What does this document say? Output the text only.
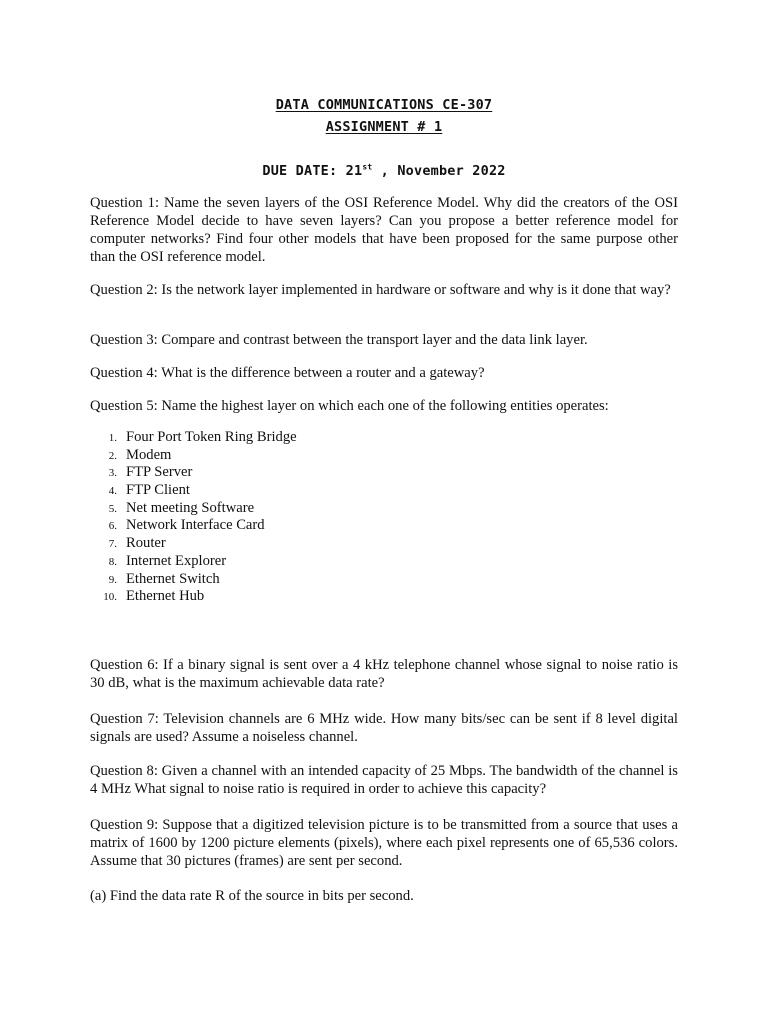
DATA COMMUNICATIONS CE-307
ASSIGNMENT # 1
DUE DATE: 21st , November 2022

Question 1: Name the seven layers of the OSI Reference Model. Why did the creators of the OSI Reference Model decide to have seven layers? Can you propose a better reference model for computer networks? Find four other models that have been proposed for the same purpose other than the OSI reference model.

Question 2: Is the network layer implemented in hardware or software and why is it done that way?

Question 3: Compare and contrast between the transport layer and the data link layer.

Question 4: What is the difference between a router and a gateway?

Question 5: Name the highest layer on which each one of the following entities operates:

1. Four Port Token Ring Bridge
2. Modem
3. FTP Server
4. FTP Client
5. Net meeting Software
6. Network Interface Card
7. Router
8. Internet Explorer
9. Ethernet Switch
10. Ethernet Hub

Question 6: If a binary signal is sent over a 4 kHz telephone channel whose signal to noise ratio is 30 dB, what is the maximum achievable data rate?

Question 7: Television channels are 6 MHz wide. How many bits/sec can be sent if 8 level digital signals are used? Assume a noiseless channel.

Question 8: Given a channel with an intended capacity of 25 Mbps. The bandwidth of the channel is 4 MHz What signal to noise ratio is required in order to achieve this capacity?

Question 9: Suppose that a digitized television picture is to be transmitted from a source that uses a matrix of 1600 by 1200 picture elements (pixels), where each pixel represents one of 65,536 colors. Assume that 30 pictures (frames) are sent per second.

(a) Find the data rate R of the source in bits per second.
